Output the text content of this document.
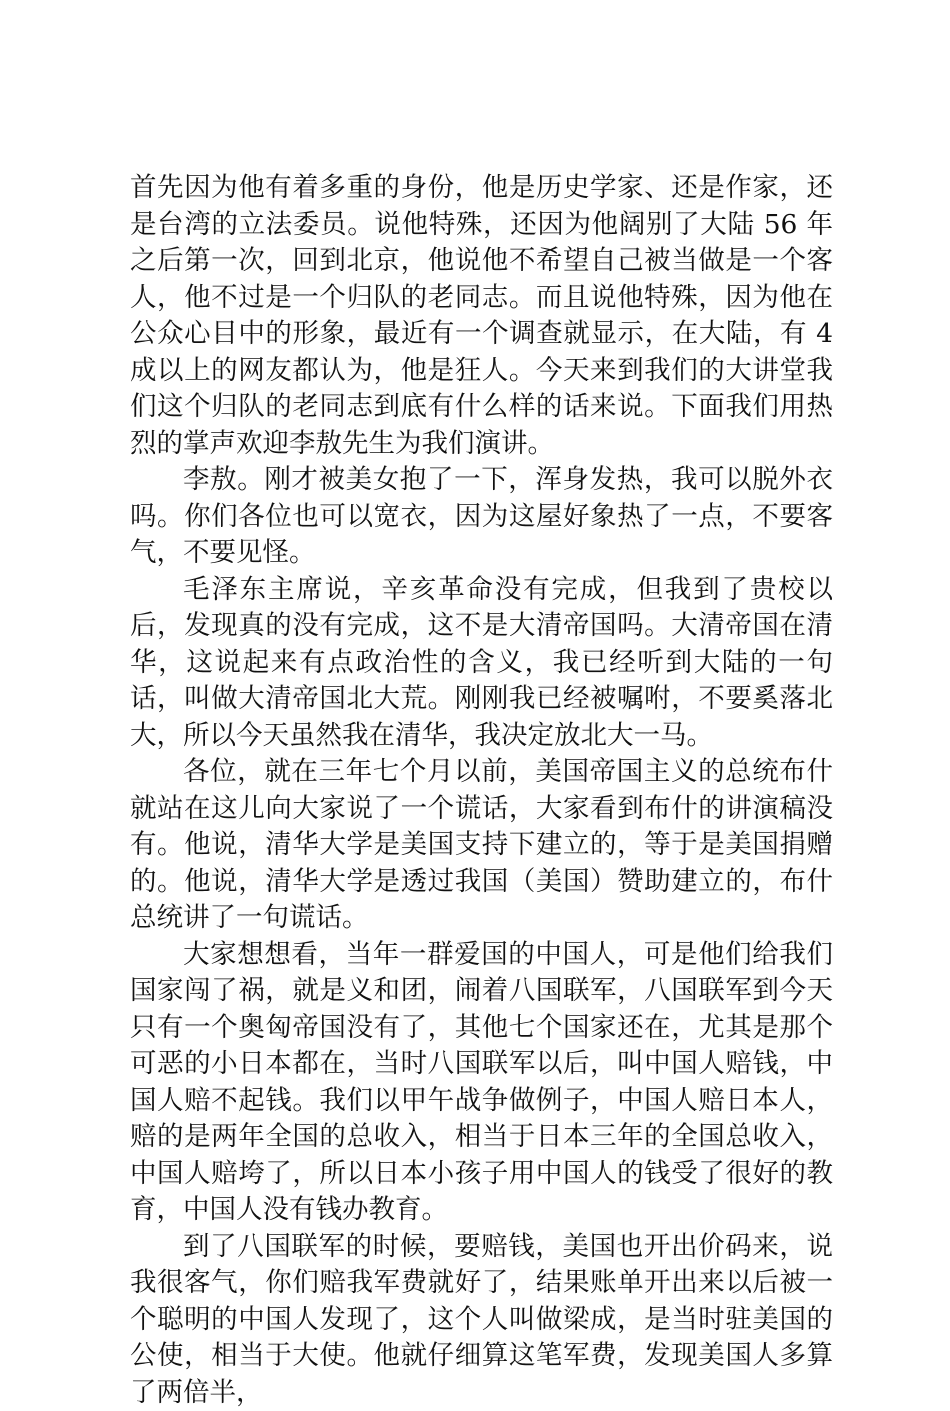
首先因为他有着多重的身份，他是历史学家、还是作家，还是台湾的立法委员。说他特殊，还因为他阔别了大陆 56 年之后第一次，回到北京，他说他不希望自己被当做是一个客人，他不过是一个归队的老同志。而且说他特殊，因为他在公众心目中的形象，最近有一个调查就显示，在大陆，有 4 成以上的网友都认为，他是狂人。今天来到我们的大讲堂我们这个归队的老同志到底有什么样的话来说。下面我们用热烈的掌声欢迎李敖先生为我们演讲。

李敖。刚才被美女抱了一下，浑身发热，我可以脱外衣吗。你们各位也可以宽衣，因为这屋好象热了一点，不要客气，不要见怪。

毛泽东主席说，辛亥革命没有完成，但我到了贵校以后，发现真的没有完成，这不是大清帝国吗。大清帝国在清华，这说起来有点政治性的含义，我已经听到大陆的一句话，叫做大清帝国北大荒。刚刚我已经被嘱咐，不要奚落北大，所以今天虽然我在清华，我决定放北大一马。

各位，就在三年七个月以前，美国帝国主义的总统布什就站在这儿向大家说了一个谎话，大家看到布什的讲演稿没有。他说，清华大学是美国支持下建立的，等于是美国捐赠的。他说，清华大学是透过我国（美国）赞助建立的，布什总统讲了一句谎话。

大家想想看，当年一群爱国的中国人，可是他们给我们国家闯了祸，就是义和团，闹着八国联军，八国联军到今天只有一个奥匈帝国没有了，其他七个国家还在，尤其是那个可恶的小日本都在，当时八国联军以后，叫中国人赔钱，中国人赔不起钱。我们以甲午战争做例子，中国人赔日本人，赔的是两年全国的总收入，相当于日本三年的全国总收入，中国人赔垮了，所以日本小孩子用中国人的钱受了很好的教育，中国人没有钱办教育。

到了八国联军的时候，要赔钱，美国也开出价码来，说我很客气，你们赔我军费就好了，结果账单开出来以后被一个聪明的中国人发现了，这个人叫做梁成，是当时驻美国的公使，相当于大使。他就仔细算这笔军费，发现美国人多算了两倍半，
